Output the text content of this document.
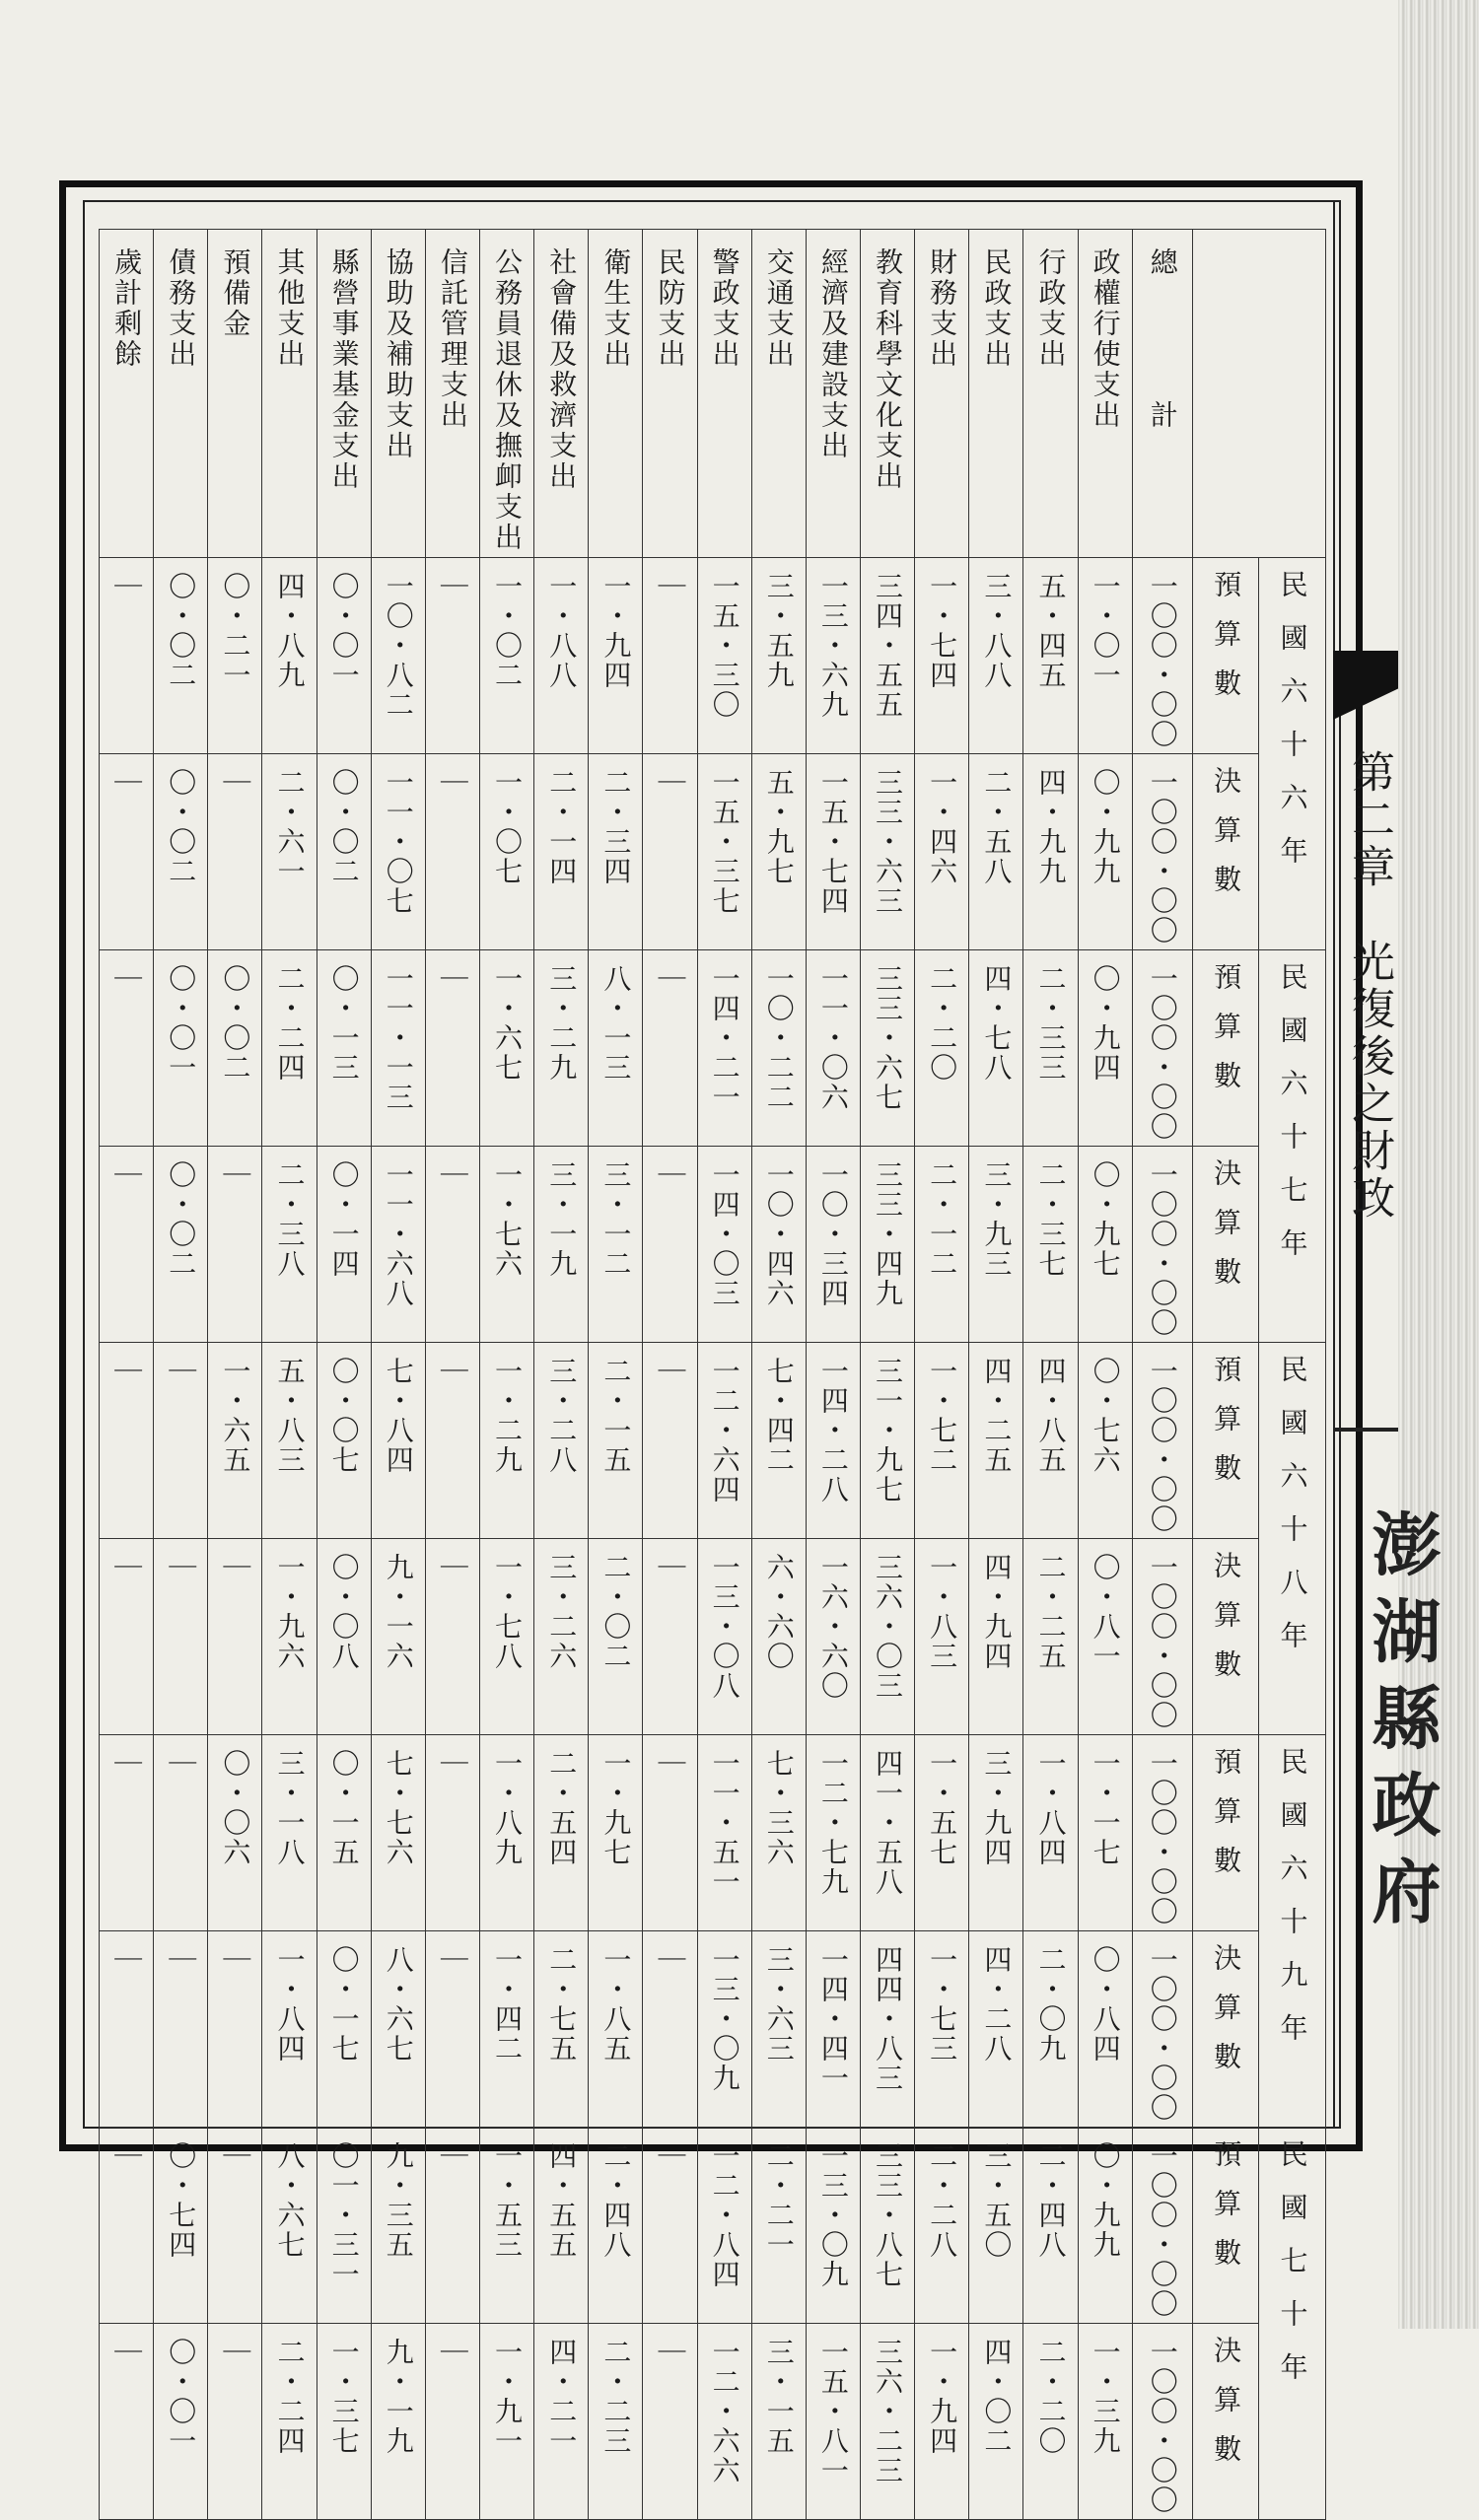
第二章　光復後之財政
澎湖縣政府
歲計剩餘	債務支出	預備金	其他支出	縣營事業基金支出	協助及補助支出	信託管理支出	公務員退休及撫卹支出	社會備及救濟支出	衛生支出	民防支出	警政支出	交通支出	經濟及建設支出	教育科學文化支出	財務支出	民政支出	行政支出	政權行使支出	總　　　　計		
｜	〇・〇二	〇・二一	四・八九	〇・〇一	一〇・八二	｜	一・〇二	一・八八	一・九四	｜	一五・三〇	三・五九	一三・六九	三四・五五	一・七四	三・八八	五・四五	一・〇一	一〇〇・〇〇	預算數	民國六十六年
｜	〇・〇二	｜	二・六一	〇・〇二	一一・〇七	｜	一・〇七	二・一四	二・三四	｜	一五・三七	五・九七	一五・七四	三三・六三	一・四六	二・五八	四・九九	〇・九九	一〇〇・〇〇	決算數	
｜	〇・〇一	〇・〇二	二・二四	〇・一三	一一・一三	｜	一・六七	三・二九	八・一三	｜	一四・二一	一〇・二二	一一・〇六	三三・六七	二・二〇	四・七八	二・三三	〇・九四	一〇〇・〇〇	預算數	民國六十七年
｜	〇・〇二	｜	二・三八	〇・一四	一一・六八	｜	一・七六	三・一九	三・一二	｜	一四・〇三	一〇・四六	一〇・三四	三三・四九	二・一二	三・九三	二・三七	〇・九七	一〇〇・〇〇	決算數	
｜	｜	一・六五	五・八三	〇・〇七	七・八四	｜	一・二九	三・二八	二・一五	｜	一二・六四	七・四二	一四・二八	三一・九七	一・七二	四・二五	四・八五	〇・七六	一〇〇・〇〇	預算數	民國六十八年
｜	｜	｜	一・九六	〇・〇八	九・一六	｜	一・七八	三・二六	二・〇二	｜	一三・〇八	六・六〇	一六・六〇	三六・〇三	一・八三	四・九四	二・二五	〇・八一	一〇〇・〇〇	決算數	
｜	｜	〇・〇六	三・一八	〇・一五	七・七六	｜	一・八九	二・五四	一・九七	｜	一一・五一	七・三六	一二・七九	四一・五八	一・五七	三・九四	一・八四	一・一七	一〇〇・〇〇	預算數	民國六十九年
｜	｜	｜	一・八四	〇・一七	八・六七	｜	一・四二	二・七五	一・八五	｜	一三・〇九	三・六三	一四・四一	四四・八三	一・七三	四・二八	二・〇九	〇・八四	一〇〇・〇〇	決算數	
｜	〇・七四	｜	八・六七	〇一・三一	九・三五	｜	一・五三	四・五五	二・四八	｜	一二・八四	二・二一	一三・〇九	三三・八七	二・二八	三・五〇	二・四八	〇・九九	一〇〇・〇〇	預算數	民國七十年
｜	〇・〇一	｜	二・二四	一・三七	九・一九	｜	一・九一	四・二一	二・二三	｜	一二・六六	三・一五	一五・八一	三六・二三	一・九四	四・〇二	二・二〇	一・三九	一〇〇・〇〇	決算數	
